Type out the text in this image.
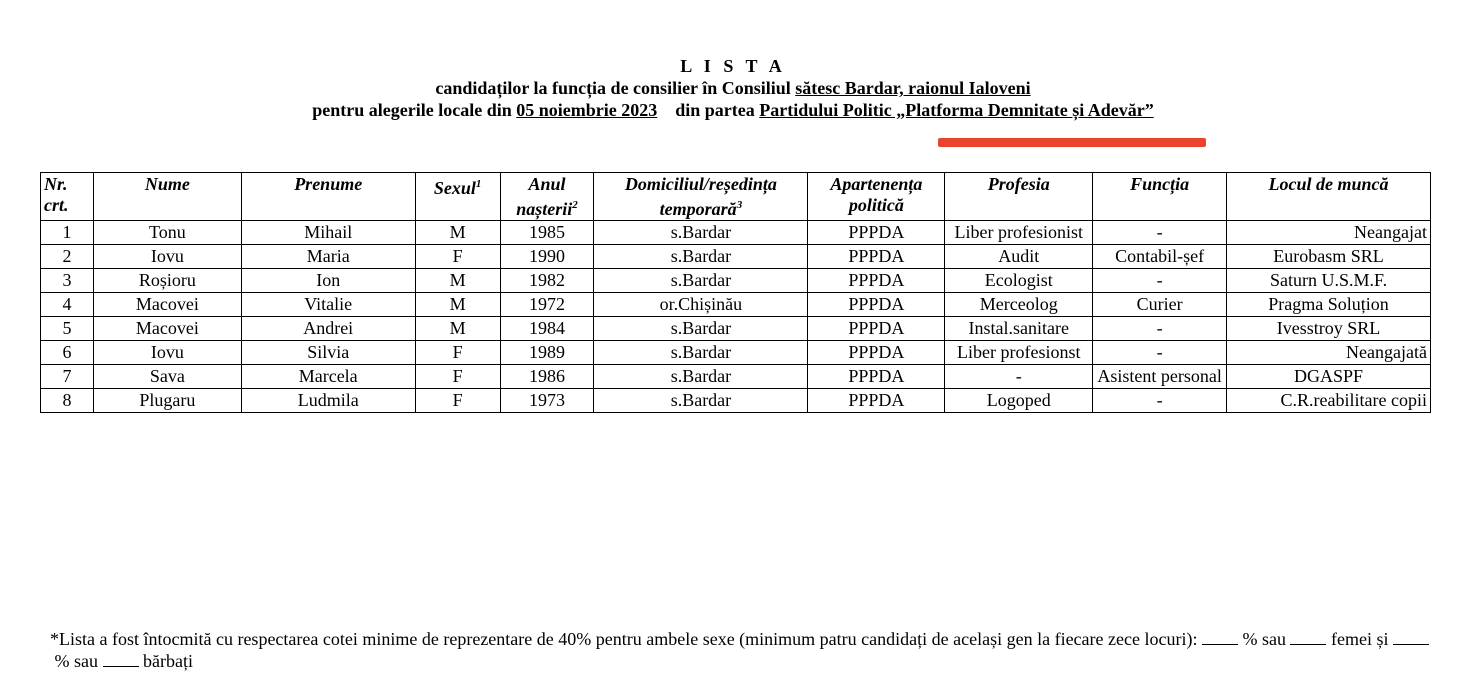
L I S T A
candidaților la funcția de consilier în Consiliul sătesc Bardar, raionul Ialoveni
pentru alegerile locale din 05 noiembrie 2023    din partea Partidului Politic „Platforma Demnitate și Adevăr”
Nr. crt.	Nume	Prenume	Sexul$^1$	Anul nașterii$^2$	Domiciliul/reședința temporară$^3$	Apartenența politică	Profesia	Funcția	Locul de muncă
1	Tonu	Mihail	M	1985	s.Bardar	PPPDA	Liber profesionist	-	Neangajat
2	Iovu	Maria	F	1990	s.Bardar	PPPDA	Audit	Contabil-șef	Eurobasm SRL
3	Roșioru	Ion	M	1982	s.Bardar	PPPDA	Ecologist	-	Saturn U.S.M.F.
4	Macovei	Vitalie	M	1972	or.Chișinău	PPPDA	Merceolog	Curier	Pragma Soluțion
5	Macovei	Andrei	M	1984	s.Bardar	PPPDA	Instal.sanitare	-	Ivesstroy SRL
6	Iovu	Silvia	F	1989	s.Bardar	PPPDA	Liber profesionst	-	Neangajată
7	Sava	Marcela	F	1986	s.Bardar	PPPDA	-	Asistent personal	DGASPF
8	Plugaru	Ludmila	F	1973	s.Bardar	PPPDA	Logoped	-	C.R.reabilitare copii
*Lista a fost întocmită cu respectarea cotei minime de reprezentare de 40% pentru ambele sexe (minimum patru candidați de același gen la fiecare zece locuri):  % sau  femei și  % sau  bărbați
